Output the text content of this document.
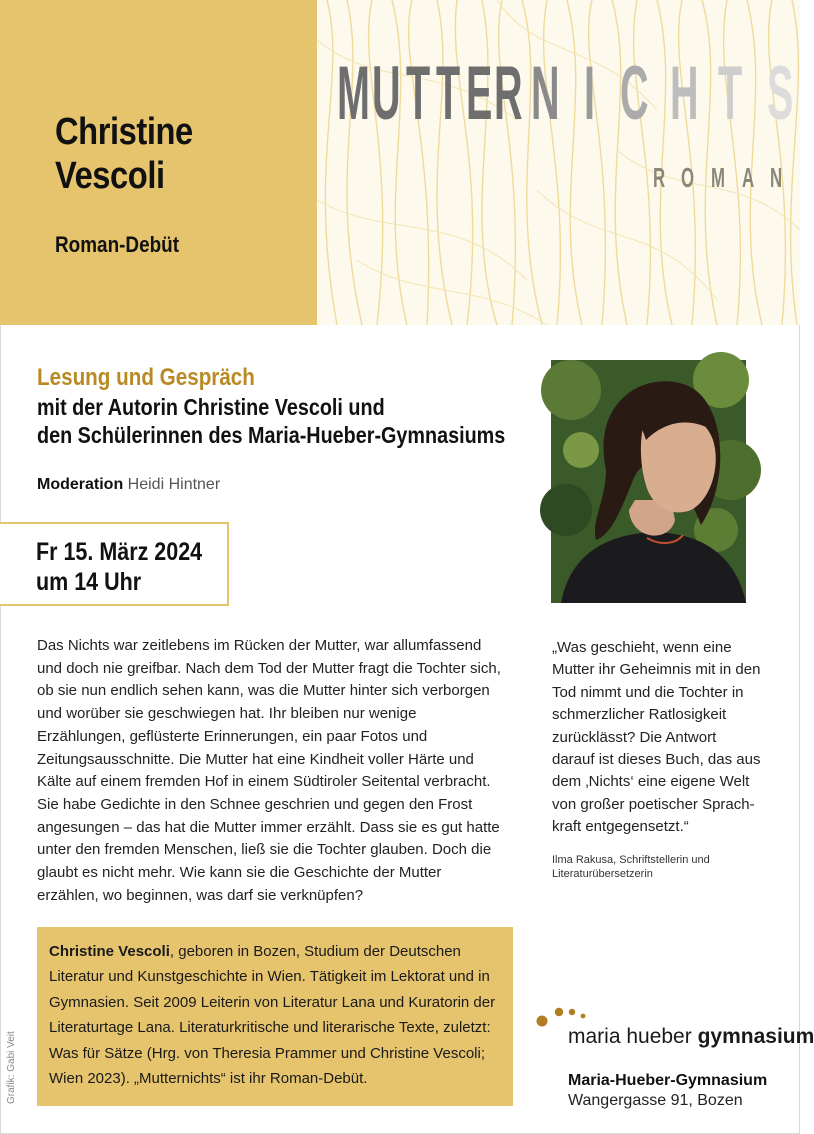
Christine
Vescoli
Roman-Debüt
M U T T E R N I C H T S
R O M A N
Lesung und Gespräch
mit der Autorin Christine Vescoli und
den Schülerinnen des Maria-Hueber-Gymnasiums
Moderation Heidi Hintner
Fr 15. März 2024
um 14 Uhr
Das Nichts war zeitlebens im Rücken der Mutter, war allumfassend und doch nie greifbar. Nach dem Tod der Mutter fragt die Tochter sich, ob sie nun endlich sehen kann, was die Mutter hinter sich verborgen und worüber sie geschwiegen hat. Ihr bleiben nur wenige Erzählungen, geflüsterte Erinnerungen, ein paar Fotos und Zeitungsausschnitte. Die Mutter hat eine Kindheit voller Härte und Kälte auf einem fremden Hof in einem Südtiroler Seitental verbracht. Sie habe Gedichte in den Schnee geschrien und gegen den Frost angesungen – das hat die Mutter immer erzählt. Dass sie es gut hatte unter den fremden Menschen, ließ sie die Tochter glauben. Doch die glaubt es nicht mehr. Wie kann sie die Geschichte der Mutter erzählen, wo beginnen, was darf sie verknüpfen?
„Was geschieht, wenn eine Mutter ihr Geheimnis mit in den Tod nimmt und die Tochter in schmerzlicher Ratlosigkeit zurücklässt? Die Antwort darauf ist dieses Buch, das aus dem ‚Nichts‘ eine eigene Welt von großer poetischer Sprach-kraft entgegensetzt.“
Ilma Rakusa, Schriftstellerin und Literaturübersetzerin
Christine Vescoli, geboren in Bozen, Studium der Deutschen Literatur und Kunstgeschichte in Wien. Tätigkeit im Lektorat und in Gymnasien. Seit 2009 Leiterin von Literatur Lana und Kuratorin der Literaturtage Lana. Literaturkritische und literarische Texte, zuletzt: Was für Sätze (Hrg. von Theresia Prammer und Christine Vescoli; Wien 2023). „Mutternichts“ ist ihr Roman-Debüt.
Grafik: Gabi Veit	maria hueber gymnasium
Maria-Hueber-Gymnasium
Wangergasse 91, Bozen
